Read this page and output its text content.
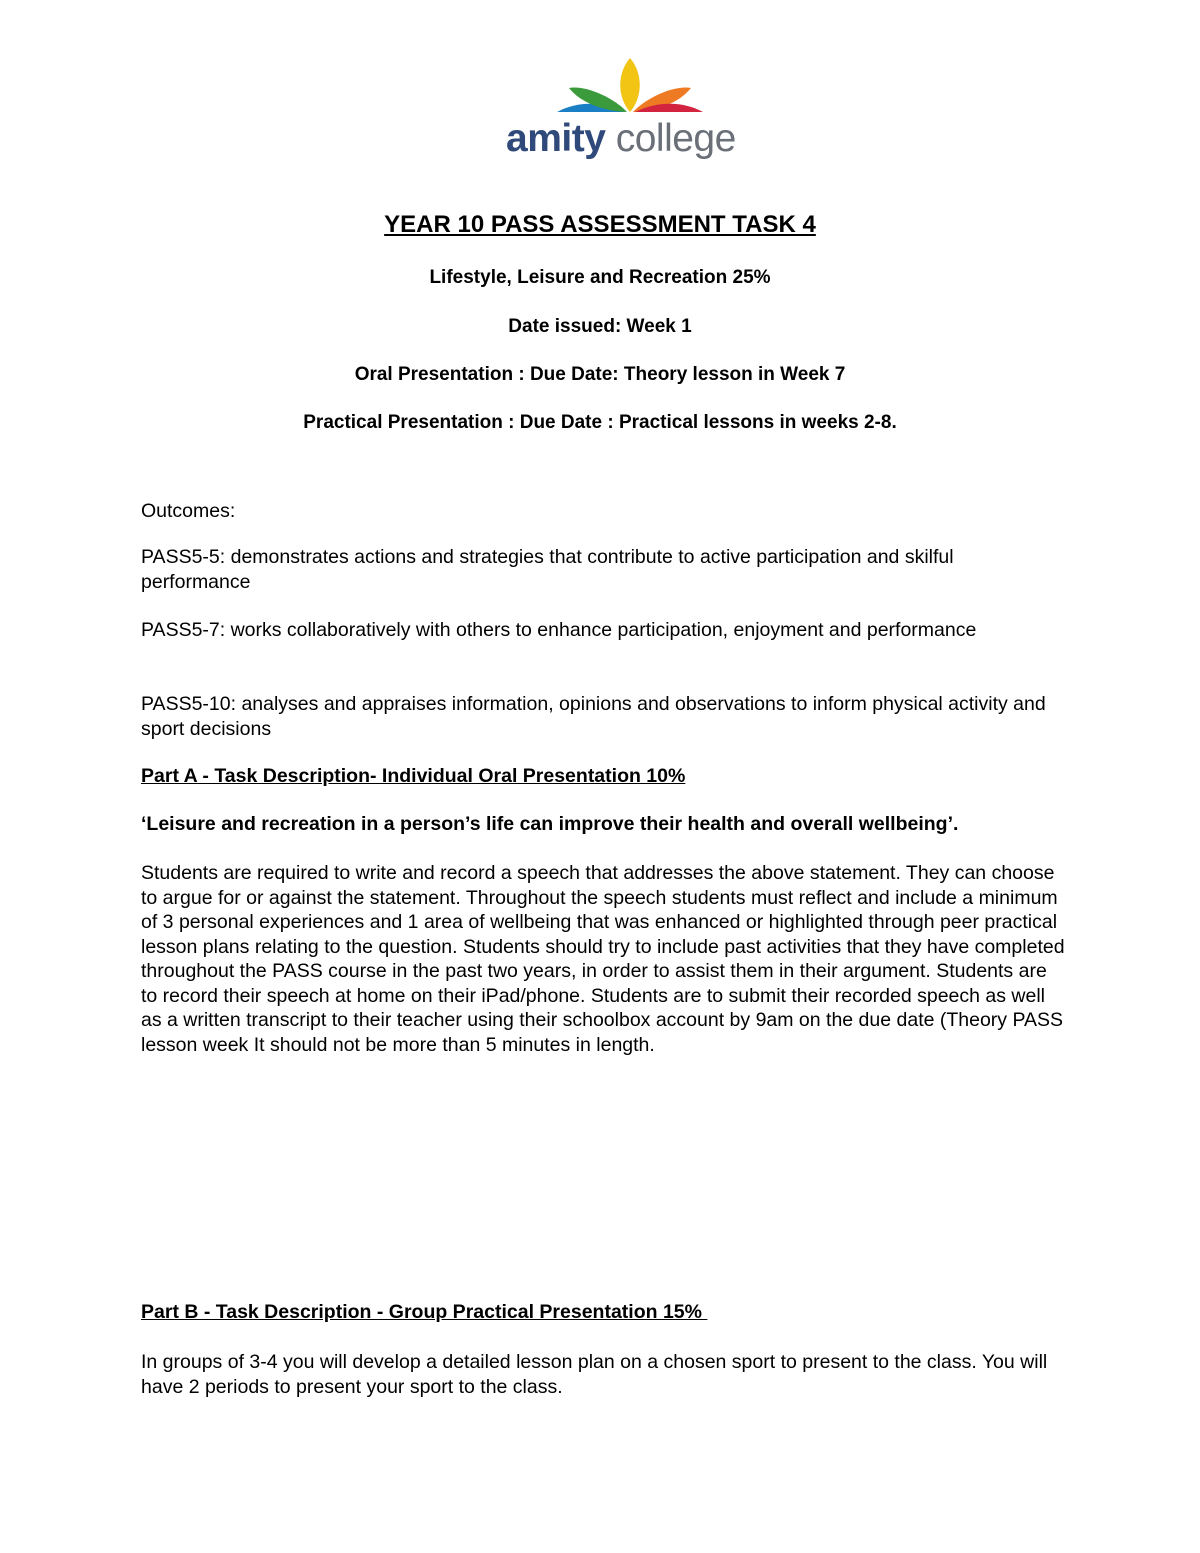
amity college
YEAR 10 PASS ASSESSMENT TASK 4
Lifestyle, Leisure and Recreation 25%
Date issued: Week 1
Oral Presentation : Due Date: Theory lesson in Week 7
Practical Presentation : Due Date : Practical lessons in weeks 2-8.
Outcomes:
PASS5-5: demonstrates actions and strategies that contribute to active participation and skilful performance
PASS5-7: works collaboratively with others to enhance participation, enjoyment and performance
PASS5-10: analyses and appraises information, opinions and observations to inform physical activity and sport decisions
Part A - Task Description- Individual Oral Presentation 10%
‘Leisure and recreation in a person’s life can improve their health and overall wellbeing’.
Students are required to write and record a speech that addresses the above statement. They can choose to argue for or against the statement. Throughout the speech students must reflect and include a minimum of 3 personal experiences and 1 area of wellbeing that was enhanced or highlighted through peer practical lesson plans relating to the question. Students should try to include past activities that they have completed throughout the PASS course in the past two years, in order to assist them in their argument. Students are to record their speech at home on their iPad/phone. Students are to submit their recorded speech as well as a written transcript to their teacher using their schoolbox account by 9am on the due date (Theory PASS lesson week It should not be more than 5 minutes in length.
Part B - Task Description - Group Practical Presentation 15%
In groups of 3-4 you will develop a detailed lesson plan on a chosen sport to present to the class. You will have 2 periods to present your sport to the class.
